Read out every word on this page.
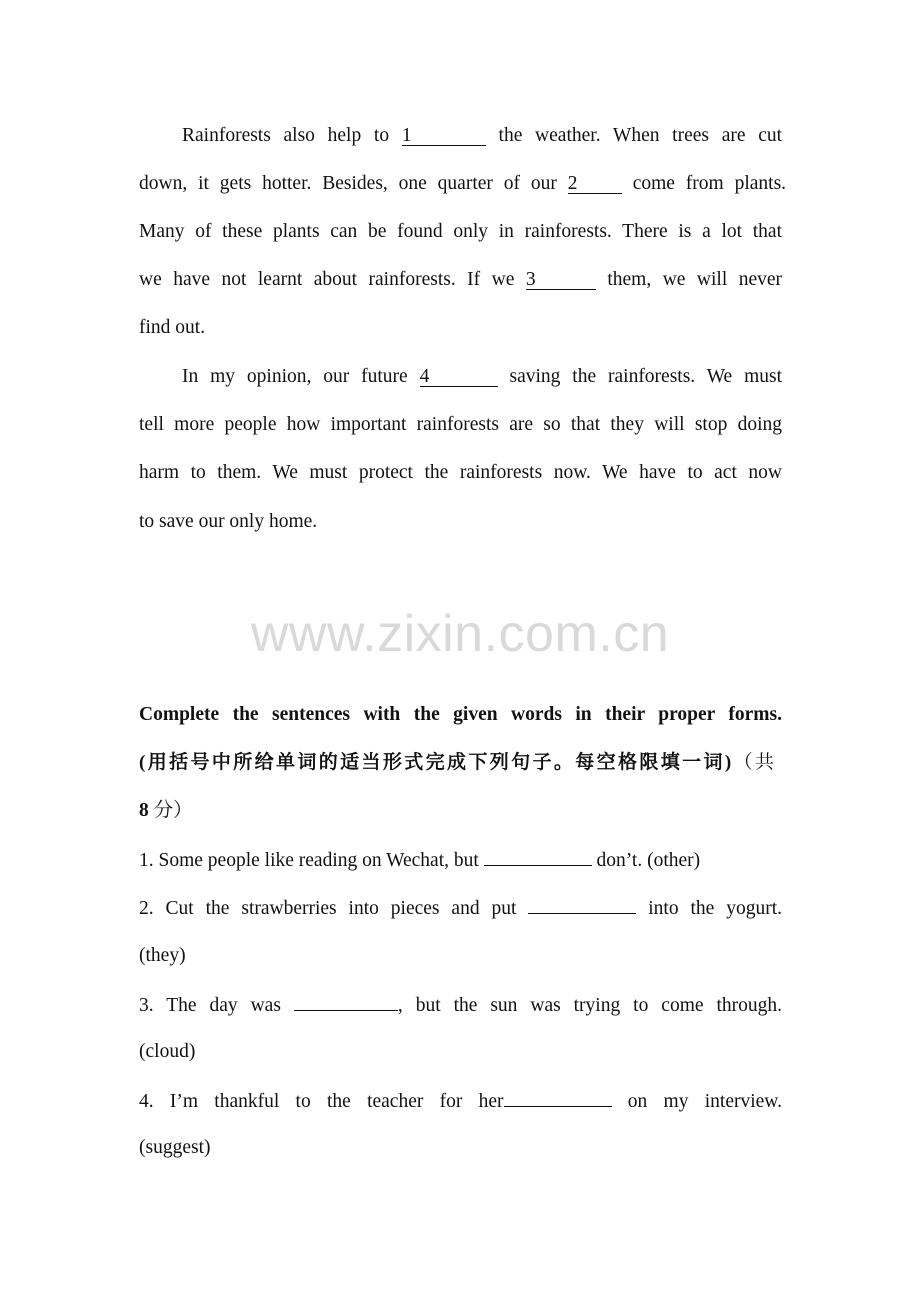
Rainforests also help to 1	the weather. When trees are cut
down, it gets hotter. Besides, one quarter of our 2	come from plants.
Many of these plants can be found only in rainforests. There is a lot that
we have not learnt about rainforests. If we 3	them, we will never
find out.
In my opinion, our future 4	saving the rainforests. We must
tell more people how important rainforests are so that they will stop doing
harm to them. We must protect the rainforests now. We have to act now
to save our only home.
www.zixin.com.cn
Complete the sentences with the given words in their proper forms.
(用括号中所给单词的适当形式完成下列句子。每空格限填一词)（共
8 分）
1. Some people like reading on Wechat, but	don’t. (other)
2. Cut the strawberries into pieces and put	into the yogurt.
(they)
3. The day was	, but the sun was trying to come through.
(cloud)
4. I’m thankful to the teacher for her	on my interview.
(suggest)
